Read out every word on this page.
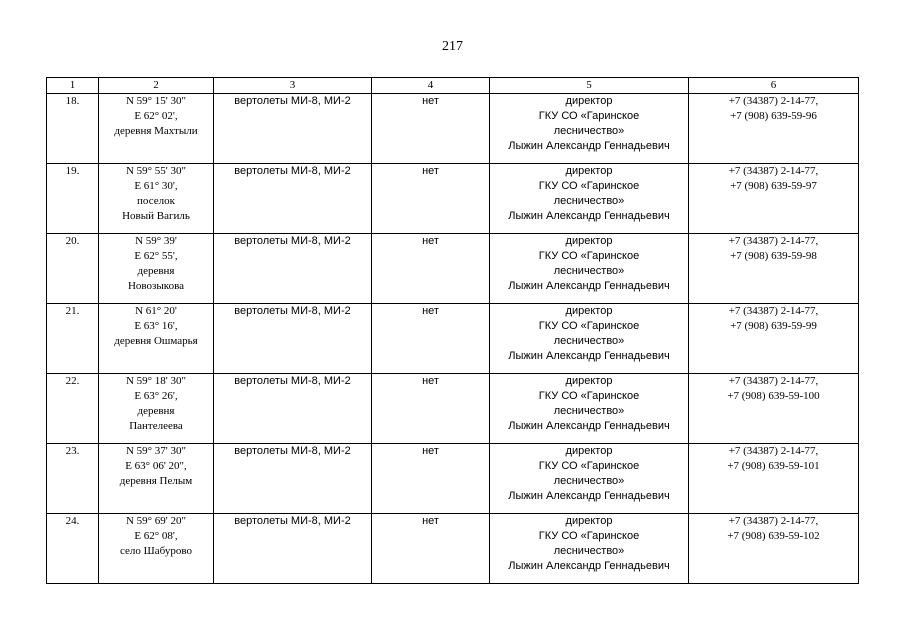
217
1	2	3	4	5	6

18.	N 59° 15' 30"
E 62° 02',
деревня Махтыли	вертолеты МИ-8, МИ-2	нет	директор
ГКУ СО «Гаринское
лесничество»
Лыжин Александр Геннадьевич	+7 (34387) 2-14-77,
+7 (908) 639-59-96

19.	N 59° 55' 30"
E 61° 30',
поселок
Новый Вагиль	вертолеты МИ-8, МИ-2	нет	директор
ГКУ СО «Гаринское
лесничество»
Лыжин Александр Геннадьевич	+7 (34387) 2-14-77,
+7 (908) 639-59-97

20.	N 59° 39'
E 62° 55',
деревня
Новозыкова	вертолеты МИ-8, МИ-2	нет	директор
ГКУ СО «Гаринское
лесничество»
Лыжин Александр Геннадьевич	+7 (34387) 2-14-77,
+7 (908) 639-59-98

21.	N 61° 20'
E 63° 16',
деревня Ошмарья	вертолеты МИ-8, МИ-2	нет	директор
ГКУ СО «Гаринское
лесничество»
Лыжин Александр Геннадьевич	+7 (34387) 2-14-77,
+7 (908) 639-59-99

22.	N 59° 18' 30"
E 63° 26',
деревня
Пантелеева	вертолеты МИ-8, МИ-2	нет	директор
ГКУ СО «Гаринское
лесничество»
Лыжин Александр Геннадьевич	+7 (34387) 2-14-77,
+7 (908) 639-59-100

23.	N 59° 37' 30"
E 63° 06' 20",
деревня Пелым	вертолеты МИ-8, МИ-2	нет	директор
ГКУ СО «Гаринское
лесничество»
Лыжин Александр Геннадьевич	+7 (34387) 2-14-77,
+7 (908) 639-59-101

24.	N 59° 69' 20"
E 62° 08',
село Шабурово	вертолеты МИ-8, МИ-2	нет	директор
ГКУ СО «Гаринское
лесничество»
Лыжин Александр Геннадьевич	+7 (34387) 2-14-77,
+7 (908) 639-59-102
